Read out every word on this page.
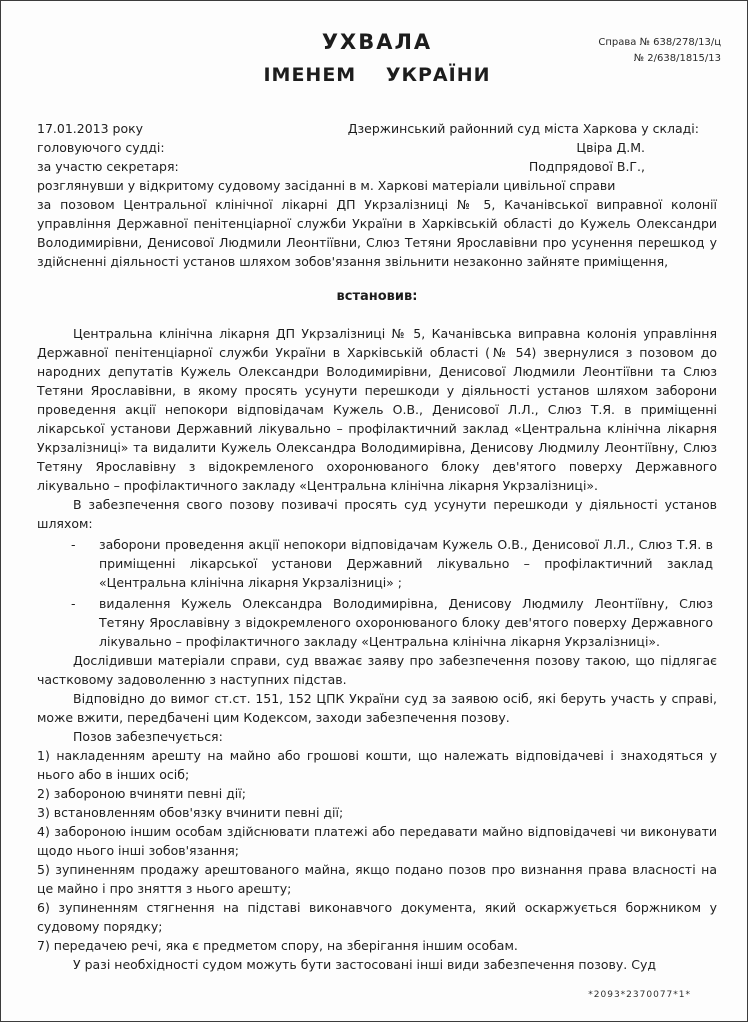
Справа № 638/278/13/ц
№ 2/638/1815/13
УХВАЛА
ІМЕНЕМ УКРАЇНИ
17.01.2013 року	Дзержинський районний суд міста Харкова у складі:
головуючого судді:	Цвіра Д.М.
за участю секретаря:	Подпрядової В.Г.,

розглянувши у відкритому судовому засіданні в м. Харкові матеріали цивільної справи

за позовом Центральної клінічної лікарні ДП Укрзалізниці № 5, Качанівської виправної колонії управління Державної пенітенціарної служби України в Харківській області до Кужель Олександри Володимирівни, Денисової Людмили Леонтіївни, Слюз Тетяни Ярославівни про усунення перешкод у здійсненні діяльності установ шляхом зобов'язання звільнити незаконно зайняте приміщення,

встановив:

Центральна клінічна лікарня ДП Укрзалізниці № 5, Качанівська виправна колонія управління Державної пенітенціарної служби України в Харківській області (№ 54) звернулися з позовом до народних депутатів Кужель Олександри Володимирівни, Денисової Людмили Леонтіївни та Слюз Тетяни Ярославівни, в якому просять усунути перешкоди у діяльності установ шляхом заборони проведення акції непокори відповідачам Кужель О.В., Денисової Л.Л., Слюз Т.Я. в приміщенні лікарської установи Державний лікувально – профілактичний заклад «Центральна клінічна лікарня Укрзалізниці» та видалити Кужель Олександра Володимирівна, Денисову Людмилу Леонтіївну, Слюз Тетяну Ярославівну з відокремленого охоронюваного блоку дев'ятого поверху Державного лікувально – профілактичного закладу «Центральна клінічна лікарня Укрзалізниці».

В забезпечення свого позову позивачі просять суд усунути перешкоди у діяльності установ шляхом:

-	заборони проведення акції непокори відповідачам Кужель О.В., Денисової Л.Л., Слюз Т.Я. в приміщенні лікарської установи Державний лікувально – профілактичний заклад «Центральна клінічна лікарня Укрзалізниці» ;

-	видалення Кужель Олександра Володимирівна, Денисову Людмилу Леонтіївну, Слюз Тетяну Ярославівну з відокремленого охоронюваного блоку дев'ятого поверху Державного лікувально – профілактичного закладу «Центральна клінічна лікарня Укрзалізниці».

Дослідивши матеріали справи, суд вважає заяву про забезпечення позову такою, що підлягає частковому задоволенню з наступних підстав.

Відповідно до вимог ст.ст. 151, 152 ЦПК України суд за заявою осіб, які беруть участь у справі, може вжити, передбачені цим Кодексом, заходи забезпечення позову.

Позов забезпечується:

1) накладенням арешту на майно або грошові кошти, що належать відповідачеві і знаходяться у нього або в інших осіб;

2) забороною вчиняти певні дії;

3) встановленням обов'язку вчинити певні дії;

4) забороною іншим особам здійснювати платежі або передавати майно відповідачеві чи виконувати щодо нього інші зобов'язання;

5) зупиненням продажу арештованого майна, якщо подано позов про визнання права власності на це майно і про зняття з нього арешту;

6) зупиненням стягнення на підставі виконавчого документа, який оскаржується боржником у судовому порядку;

7) передачею речі, яка є предметом спору, на зберігання іншим особам.

У разі необхідності судом можуть бути застосовані інші види забезпечення позову. Суд

*2093*2370077*1*
